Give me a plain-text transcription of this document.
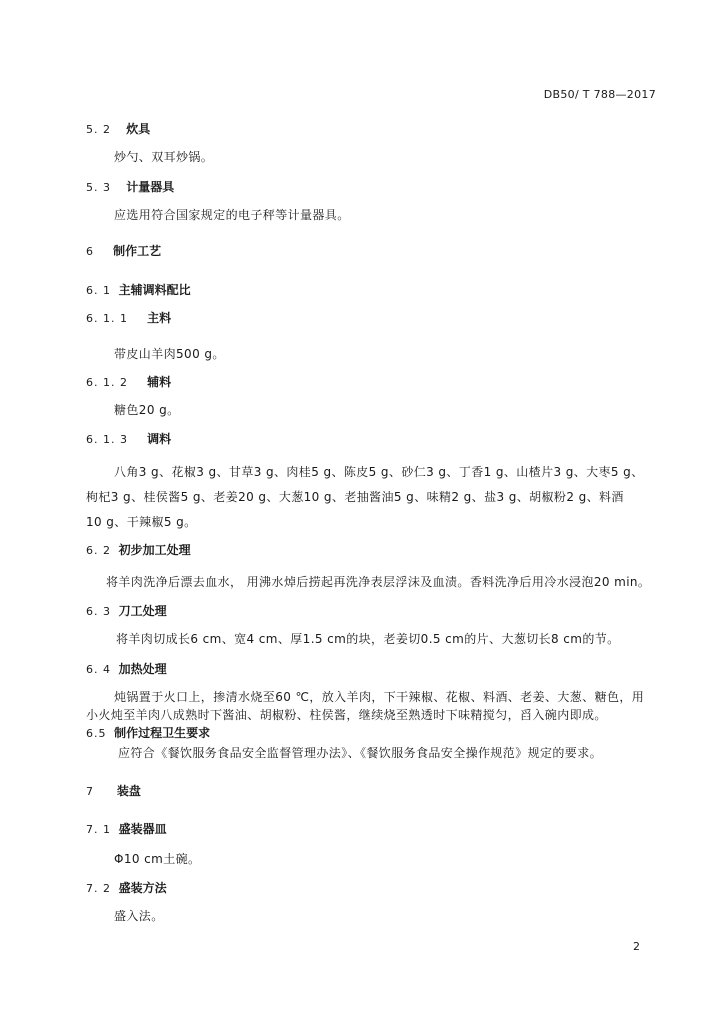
DB50/ T 788—2017
5. 2 炊具
炒勺、双耳炒锅。
5. 3 计量器具
应选用符合国家规定的电子秤等计量器具。
6 制作工艺
6. 1 主辅调料配比
6. 1. 1 主料
带皮山羊肉500 g。
6. 1. 2 辅料
糖色20 g。
6. 1. 3 调料
八角3 g、花椒3 g、甘草3 g、肉桂5 g、陈皮5 g、砂仁3 g、丁香1 g、山楂片3 g、大枣5 g、
枸杞3 g、桂侯酱5 g、老姜20 g、大葱10 g、老抽酱油5 g、味精2 g、盐3 g、胡椒粉2 g、料酒
10 g、干辣椒5 g。
6. 2 初步加工处理
将羊肉洗净后漂去血水， 用沸水焯后捞起再洗净表层浮沫及血渍。香料洗净后用冷水浸泡20 min。
6. 3 刀工处理
将羊肉切成长6 cm、宽4 cm、厚1.5 cm的块，老姜切0.5 cm的片、大葱切长8 cm的节。
6. 4 加热处理
炖锅置于火口上，掺清水烧至60 ℃，放入羊肉，下干辣椒、花椒、料酒、老姜、大葱、糖色，用
小火炖至羊肉八成熟时下酱油、胡椒粉、柱侯酱，继续烧至熟透时下味精搅匀，舀入碗内即成。
6.5 制作过程卫生要求
应符合《餐饮服务食品安全监督管理办法》、《餐饮服务食品安全操作规范》规定的要求。
7 装盘
7. 1 盛装器皿
Φ10 cm土碗。
7. 2 盛装方法
盛入法。
2
